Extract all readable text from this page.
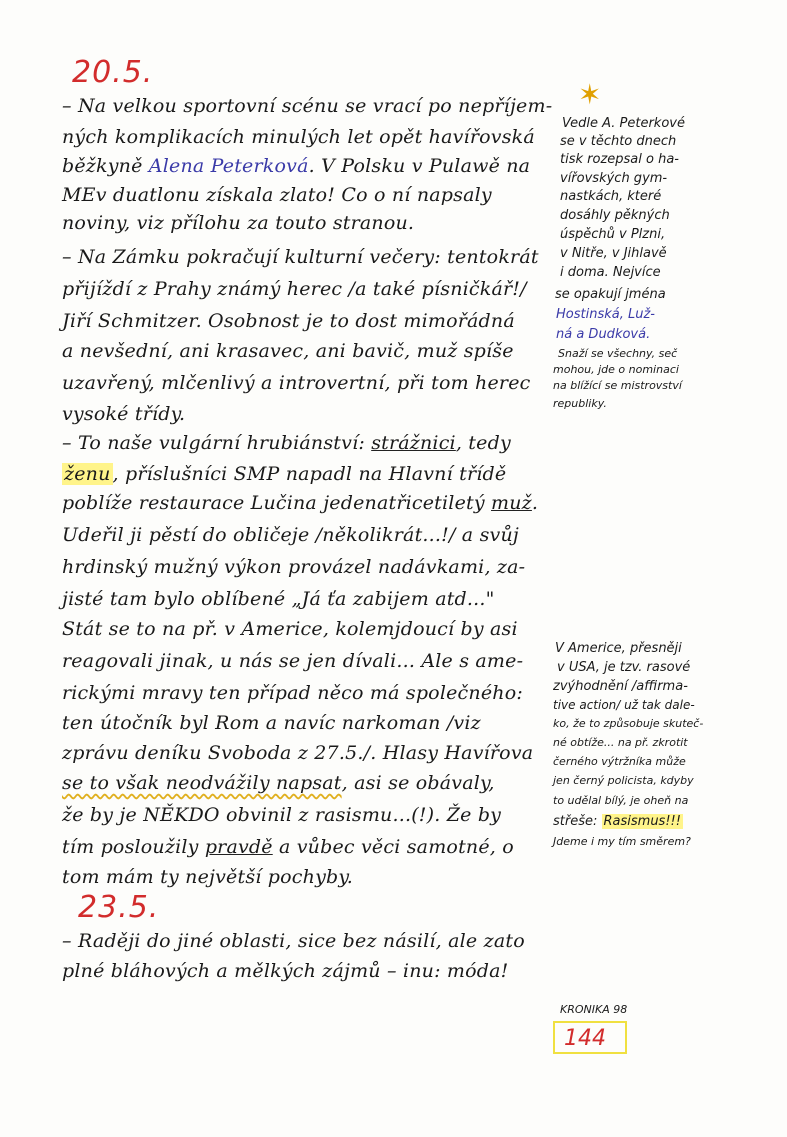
20.5.
– Na velkou sportovní scénu se vrací po nepříjem-
ných komplikacích minulých let opět havířovská
běžkyně Alena Peterková. V Polsku v Pulawě na
MEv duatlonu získala zlato! Co o ní napsaly
noviny, viz přílohu za touto stranou.
– Na Zámku pokračují kulturní večery: tentokrát
přijíždí z Prahy známý herec /a také písničkář!/
Jiří Schmitzer. Osobnost je to dost mimořádná
a nevšední, ani krasavec, ani bavič, muž spíše
uzavřený, mlčenlivý a introvertní, při tom herec
vysoké třídy.
– To naše vulgární hrubiánství: strážnici, tedy
ženu , příslušníci SMP napadl na Hlavní třídě
poblíže restaurace Lučina jedenatřicetiletý muž.
Udeřil ji pěstí do obličeje /několikrát...!/ a svůj
hrdinský mužný výkon provázel nadávkami, za-
jisté tam bylo oblíbené „Já ťa zabijem atd..."
Stát se to na př. v Americe, kolemjdoucí by asi
reagovali jinak, u nás se jen dívali... Ale s ame-
rickými mravy ten případ něco má společného:
ten útočník byl Rom a navíc narkoman /viz
zprávu deníku Svoboda z 27.5./. Hlasy Havířova
se to však neodvážily napsat, asi se obávaly,
že by je NĚKDO obvinil z rasismu...(!). Že by
tím posloužily pravdě a vůbec věci samotné, o
tom mám ty největší pochyby.
23.5.
– Raději do jiné oblasti, sice bez násilí, ale zato
plné bláhových a mělkých zájmů – inu: móda!
✶
Vedle A. Peterkové
se v těchto dnech
tisk rozepsal o ha-
vířovských gym-
nastkách, které
dosáhly pěkných
úspěchů v Plzni,
v Nitře, v Jihlavě
i doma. Nejvíce
se opakují jména
Hostinská, Luž-
ná a Dudková.
Snaží se všechny, seč
mohou, jde o nominaci
na blížící se mistrovství
republiky.
V Americe, přesněji
v USA, je tzv. rasové
zvýhodnění /affirma-
tive action/ už tak dale-
ko, že to způsobuje skuteč-
né obtíže... na př. zkrotit
černého výtržníka může
jen černý policista, kdyby
to udělal bílý, je oheň na
střeše: Rasismus!!!
Jdeme i my tím směrem?
KRONIKA 98
144
